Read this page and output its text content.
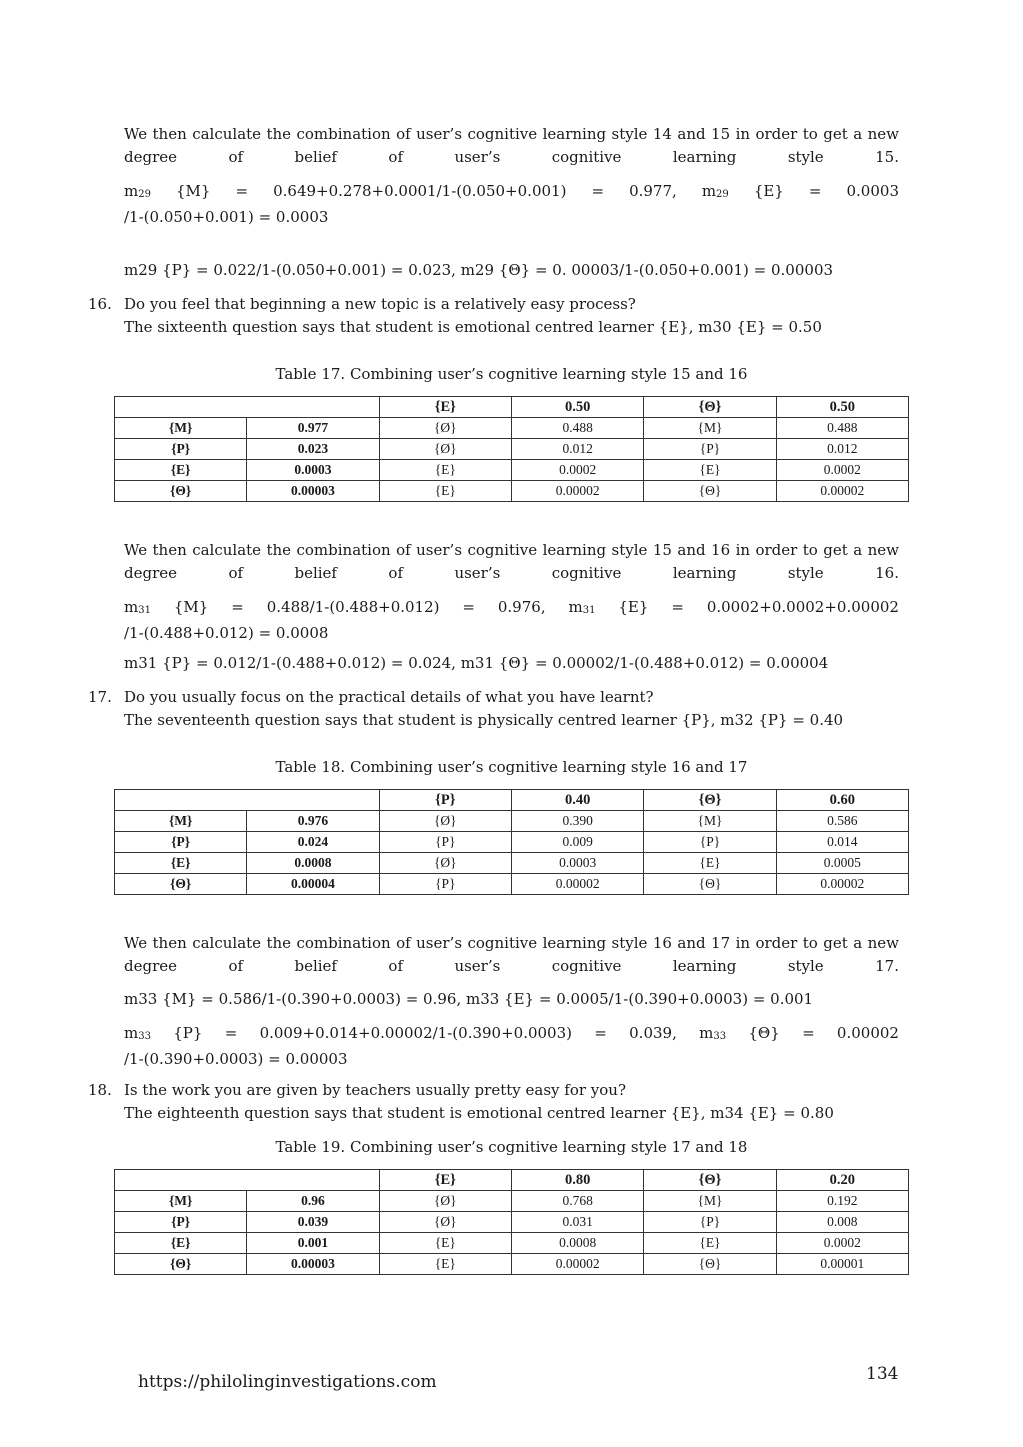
We then calculate the combination of user’s cognitive learning style 14 and 15 in order to get a new degree of belief of user’s cognitive learning style 15.
$m_{29}$ {M} = 0.649+0.278+0.0001/1-(0.050+0.001) = 0.977, $m_{29}$ {E} = 0.0003
/1-(0.050+0.001) = 0.0003
m29 {P} = 0.022/1-(0.050+0.001) = 0.023, m29 {Θ} = 0. 00003/1-(0.050+0.001) = 0.00003
16. Do you feel that beginning a new topic is a relatively easy process?
The sixteenth question says that student is emotional centred learner {E}, m30 {E} = 0.50
Table 17. Combining user’s cognitive learning style 15 and 16
		{E}	0.50	{Θ}	0.50
{M}	0.977	{Ø}	0.488	{M}	0.488
{P}	0.023	{Ø}	0.012	{P}	0.012
{E}	0.0003	{E}	0.0002	{E}	0.0002
{Θ}	0.00003	{E}	0.00002	{Θ}	0.00002
We then calculate the combination of user’s cognitive learning style 15 and 16 in order to get a new degree of belief of user’s cognitive learning style 16.
$m_{31}$ {M} = 0.488/1-(0.488+0.012) = 0.976, $m_{31}$ {E} = 0.0002+0.0002+0.00002
/1-(0.488+0.012) = 0.0008
m31 {P} = 0.012/1-(0.488+0.012) = 0.024, m31 {Θ} = 0.00002/1-(0.488+0.012) = 0.00004
17. Do you usually focus on the practical details of what you have learnt?
The seventeenth question says that student is physically centred learner {P}, m32 {P} = 0.40
Table 18. Combining user’s cognitive learning style 16 and 17
		{P}	0.40	{Θ}	0.60
{M}	0.976	{Ø}	0.390	{M}	0.586
{P}	0.024	{P}	0.009	{P}	0.014
{E}	0.0008	{Ø}	0.0003	{E}	0.0005
{Θ}	0.00004	{P}	0.00002	{Θ}	0.00002
We then calculate the combination of user’s cognitive learning style 16 and 17 in order to get a new degree of belief of user’s cognitive learning style 17.
m33 {M} = 0.586/1-(0.390+0.0003) = 0.96, m33 {E} = 0.0005/1-(0.390+0.0003) = 0.001
$m_{33}$ {P} = 0.009+0.014+0.00002/1-(0.390+0.0003) = 0.039, $m_{33}$ {Θ} = 0.00002
/1-(0.390+0.0003) = 0.00003
18. Is the work you are given by teachers usually pretty easy for you?
The eighteenth question says that student is emotional centred learner {E}, m34 {E} = 0.80
Table 19. Combining user’s cognitive learning style 17 and 18
		{E}	0.80	{Θ}	0.20
{M}	0.96	{Ø}	0.768	{M}	0.192
{P}	0.039	{Ø}	0.031	{P}	0.008
{E}	0.001	{E}	0.0008	{E}	0.0002
{Θ}	0.00003	{E}	0.00002	{Θ}	0.00001
https://philolinginvestigations.com	134
